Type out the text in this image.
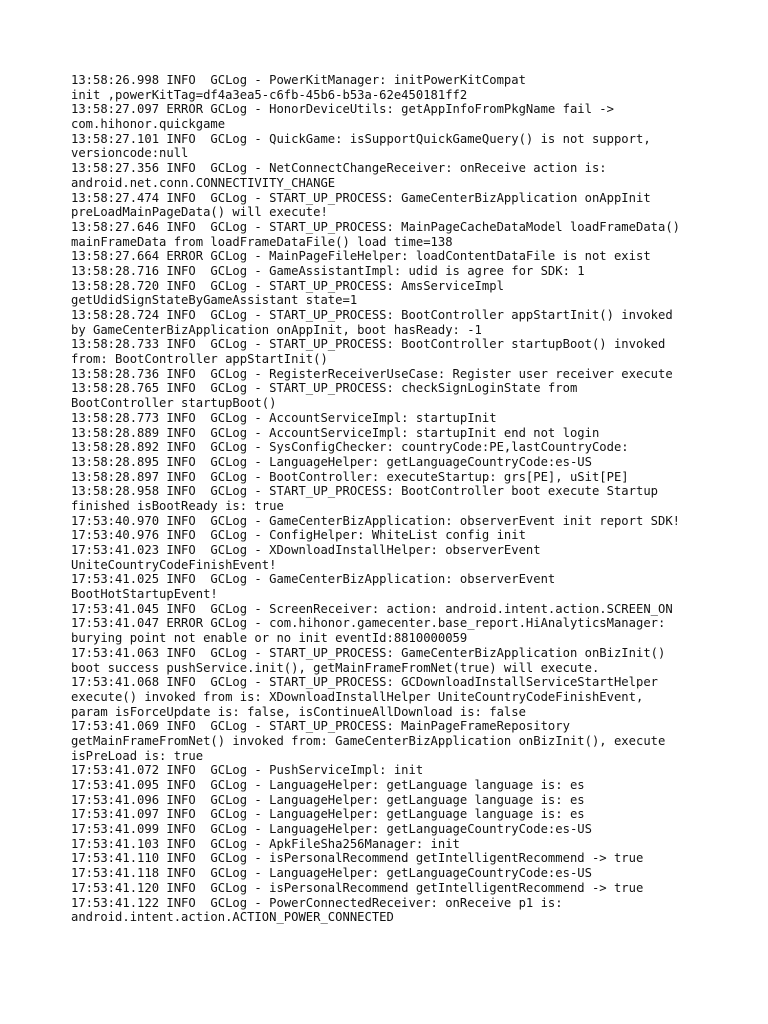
13:58:26.998 INFO  GCLog - PowerKitManager: initPowerKitCompat
init ,powerKitTag=df4a3ea5-c6fb-45b6-b53a-62e450181ff2
13:58:27.097 ERROR GCLog - HonorDeviceUtils: getAppInfoFromPkgName fail ->
com.hihonor.quickgame
13:58:27.101 INFO  GCLog - QuickGame: isSupportQuickGameQuery() is not support,
versioncode:null
13:58:27.356 INFO  GCLog - NetConnectChangeReceiver: onReceive action is:
android.net.conn.CONNECTIVITY_CHANGE
13:58:27.474 INFO  GCLog - START_UP_PROCESS: GameCenterBizApplication onAppInit
preLoadMainPageData() will execute!
13:58:27.646 INFO  GCLog - START_UP_PROCESS: MainPageCacheDataModel loadFrameData()
mainFrameData from loadFrameDataFile() load time=138
13:58:27.664 ERROR GCLog - MainPageFileHelper: loadContentDataFile is not exist
13:58:28.716 INFO  GCLog - GameAssistantImpl: udid is agree for SDK: 1
13:58:28.720 INFO  GCLog - START_UP_PROCESS: AmsServiceImpl
getUdidSignStateByGameAssistant state=1
13:58:28.724 INFO  GCLog - START_UP_PROCESS: BootController appStartInit() invoked
by GameCenterBizApplication onAppInit, boot hasReady: -1
13:58:28.733 INFO  GCLog - START_UP_PROCESS: BootController startupBoot() invoked
from: BootController appStartInit()
13:58:28.736 INFO  GCLog - RegisterReceiverUseCase: Register user receiver execute
13:58:28.765 INFO  GCLog - START_UP_PROCESS: checkSignLoginState from
BootController startupBoot()
13:58:28.773 INFO  GCLog - AccountServiceImpl: startupInit
13:58:28.889 INFO  GCLog - AccountServiceImpl: startupInit end not login
13:58:28.892 INFO  GCLog - SysConfigChecker: countryCode:PE,lastCountryCode:
13:58:28.895 INFO  GCLog - LanguageHelper: getLanguageCountryCode:es-US
13:58:28.897 INFO  GCLog - BootController: executeStartup: grs[PE], uSit[PE]
13:58:28.958 INFO  GCLog - START_UP_PROCESS: BootController boot execute Startup
finished isBootReady is: true
17:53:40.970 INFO  GCLog - GameCenterBizApplication: observerEvent init report SDK!
17:53:40.976 INFO  GCLog - ConfigHelper: WhiteList config init
17:53:41.023 INFO  GCLog - XDownloadInstallHelper: observerEvent
UniteCountryCodeFinishEvent!
17:53:41.025 INFO  GCLog - GameCenterBizApplication: observerEvent
BootHotStartupEvent!
17:53:41.045 INFO  GCLog - ScreenReceiver: action: android.intent.action.SCREEN_ON
17:53:41.047 ERROR GCLog - com.hihonor.gamecenter.base_report.HiAnalyticsManager:
burying point not enable or no init eventId:8810000059
17:53:41.063 INFO  GCLog - START_UP_PROCESS: GameCenterBizApplication onBizInit()
boot success pushService.init(), getMainFrameFromNet(true) will execute.
17:53:41.068 INFO  GCLog - START_UP_PROCESS: GCDownloadInstallServiceStartHelper
execute() invoked from is: XDownloadInstallHelper UniteCountryCodeFinishEvent,
param isForceUpdate is: false, isContinueAllDownload is: false
17:53:41.069 INFO  GCLog - START_UP_PROCESS: MainPageFrameRepository
getMainFrameFromNet() invoked from: GameCenterBizApplication onBizInit(), execute
isPreLoad is: true
17:53:41.072 INFO  GCLog - PushServiceImpl: init
17:53:41.095 INFO  GCLog - LanguageHelper: getLanguage language is: es
17:53:41.096 INFO  GCLog - LanguageHelper: getLanguage language is: es
17:53:41.097 INFO  GCLog - LanguageHelper: getLanguage language is: es
17:53:41.099 INFO  GCLog - LanguageHelper: getLanguageCountryCode:es-US
17:53:41.103 INFO  GCLog - ApkFileSha256Manager: init
17:53:41.110 INFO  GCLog - isPersonalRecommend getIntelligentRecommend -> true
17:53:41.118 INFO  GCLog - LanguageHelper: getLanguageCountryCode:es-US
17:53:41.120 INFO  GCLog - isPersonalRecommend getIntelligentRecommend -> true
17:53:41.122 INFO  GCLog - PowerConnectedReceiver: onReceive p1 is:
android.intent.action.ACTION_POWER_CONNECTED
